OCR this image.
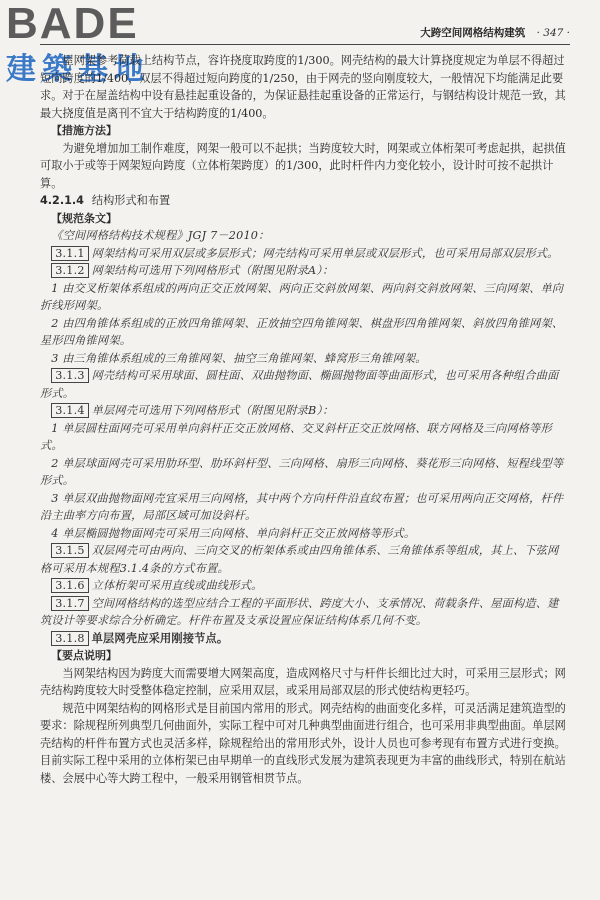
BADE
建築基地
大跨空间网格结构建筑 · 347 ·

屋网架参考荷载上结构节点，容许挠度取跨度的1/300。网壳结构的最大计算挠度规定为单层不得超过短向跨度的1/400，双层不得超过短向跨度的1/250，由于网壳的竖向刚度较大，一般情况下均能满足此要求。对于在屋盖结构中设有悬挂起重设备的，为保证悬挂起重设备的正常运行，与钢结构设计规范一致，其最大挠度值是离刊不宜大于结构跨度的1/400。

【措施方法】

为避免增加加工制作难度，网架一般可以不起拱；当跨度较大时，网架或立体桁架可考虑起拱，起拱值可取小于或等于网架短向跨度（立体桁架跨度）的1/300，此时杆件内力变化较小，设计时可按不起拱计算。

4.2.1.4 结构形式和布置

【规范条文】

《空间网格结构技术规程》JGJ 7－2010：

3.1.1 网架结构可采用双层或多层形式；网壳结构可采用单层或双层形式，也可采用局部双层形式。

3.1.2 网架结构可选用下列网格形式（附图见附录A）：

1 由交叉桁架体系组成的两向正交正放网架、两向正交斜放网架、两向斜交斜放网架、三向网架、单向折线形网架。

2 由四角锥体系组成的正放四角锥网架、正放抽空四角锥网架、棋盘形四角锥网架、斜放四角锥网架、星形四角锥网架。

3 由三角锥体系组成的三角锥网架、抽空三角锥网架、蜂窝形三角锥网架。

3.1.3 网壳结构可采用球面、圆柱面、双曲抛物面、椭圆抛物面等曲面形式，也可采用各种组合曲面形式。

3.1.4 单层网壳可选用下列网格形式（附图见附录B）：

1 单层圆柱面网壳可采用单向斜杆正交正放网格、交叉斜杆正交正放网格、联方网格及三向网格等形式。

2 单层球面网壳可采用肋环型、肋环斜杆型、三向网格、扇形三向网格、葵花形三向网格、短程线型等形式。

3 单层双曲抛物面网壳宜采用三向网格，其中两个方向杆件沿直纹布置；也可采用两向正交网格，杆件沿主曲率方向布置，局部区域可加设斜杆。

4 单层椭圆抛物面网壳可采用三向网格、单向斜杆正交正放网格等形式。

3.1.5 双层网壳可由两向、三向交叉的桁架体系或由四角锥体系、三角锥体系等组成，其上、下弦网格可采用本规程3.1.4条的方式布置。

3.1.6 立体桁架可采用直线或曲线形式。

3.1.7 空间网格结构的选型应结合工程的平面形状、跨度大小、支承情况、荷载条件、屋面构造、建筑设计等要求综合分析确定。杆件布置及支承设置应保证结构体系几何不变。

3.1.8 单层网壳应采用刚接节点。

【要点说明】

当网架结构因为跨度大而需要增大网架高度，造成网格尺寸与杆件长细比过大时，可采用三层形式；网壳结构跨度较大时受整体稳定控制，应采用双层，或采用局部双层的形式使结构更轻巧。

规范中网架结构的网格形式是目前国内常用的形式。网壳结构的曲面变化多样，可灵活满足建筑造型的要求：除规程所列典型几何曲面外，实际工程中可对几种典型曲面进行组合，也可采用非典型曲面。单层网壳结构的杆件布置方式也灵活多样，除规程给出的常用形式外，设计人员也可参考现有布置方式进行变换。目前实际工程中采用的立体桁架已由早期单一的直线形式发展为建筑表现更为丰富的曲线形式，特别在航站楼、会展中心等大跨工程中，一般采用钢管相贯节点。
